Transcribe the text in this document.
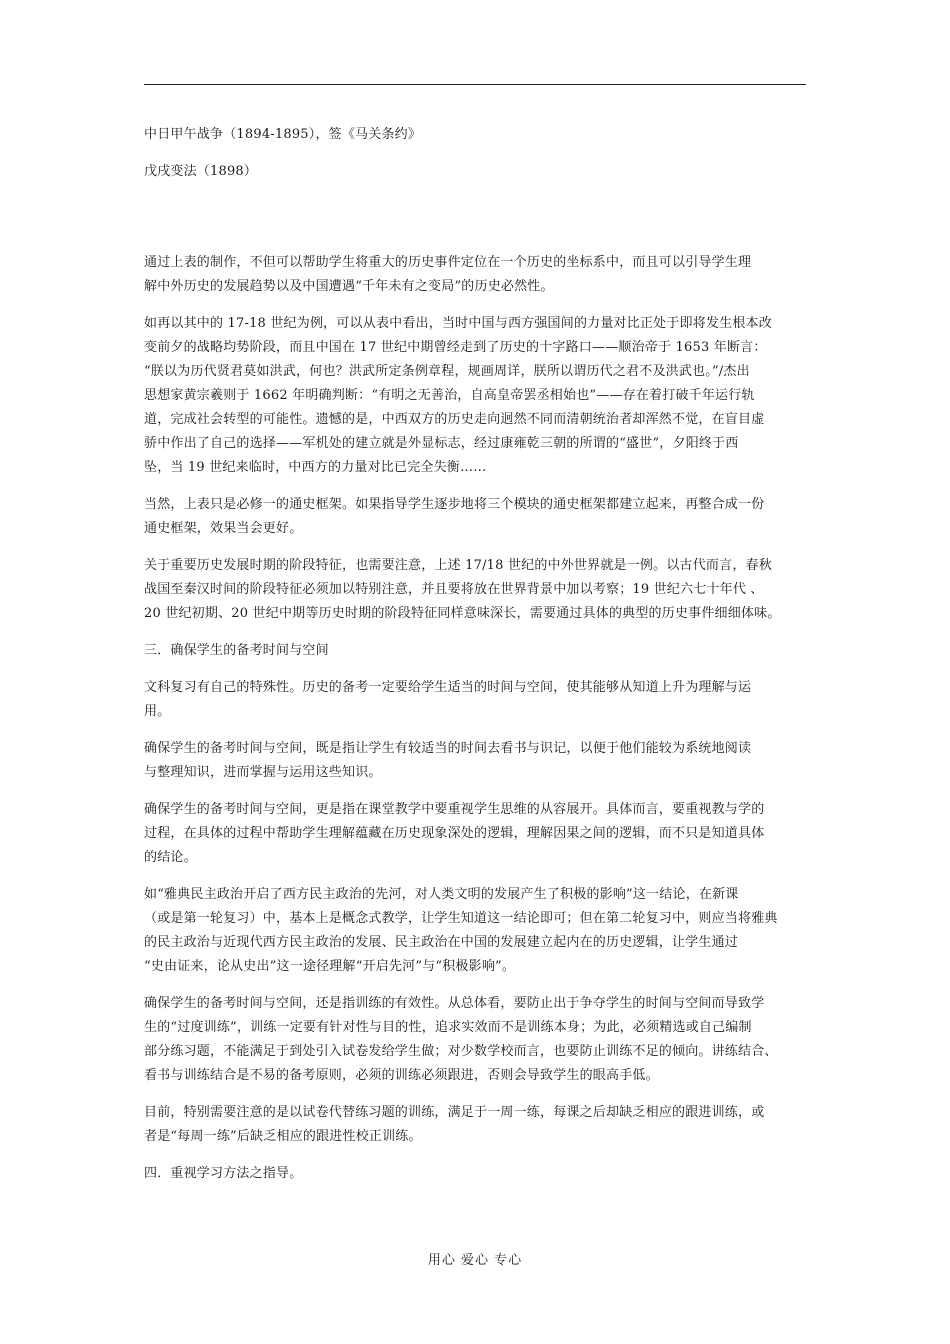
中日甲午战争（1894-1895），签《马关条约》
戊戌变法（1898）
通过上表的制作，不但可以帮助学生将重大的历史事件定位在一个历史的坐标系中，而且可以引导学生理
解中外历史的发展趋势以及中国遭遇“千年未有之变局”的历史必然性。
如再以其中的 17-18 世纪为例，可以从表中看出，当时中国与西方强国间的力量对比正处于即将发生根本改
变前夕的战略均势阶段，而且中国在 17 世纪中期曾经走到了历史的十字路口——顺治帝于 1653 年断言：
“朕以为历代贤君莫如洪武，何也？洪武所定条例章程，规画周详，朕所以谓历代之君不及洪武也。”/杰出
思想家黄宗羲则于 1662 年明确判断：“有明之无善治，自高皇帝罢丞相始也”——存在着打破千年运行轨
道，完成社会转型的可能性。遗憾的是，中西双方的历史走向迥然不同而清朝统治者却浑然不觉，在盲目虚
骄中作出了自己的选择——军机处的建立就是外显标志，经过康雍乾三朝的所谓的“盛世”，夕阳终于西
坠，当 19 世纪来临时，中西方的力量对比已完全失衡……
当然，上表只是必修一的通史框架。如果指导学生逐步地将三个模块的通史框架都建立起来，再整合成一份
通史框架，效果当会更好。
关于重要历史发展时期的阶段特征，也需要注意，上述 17/18 世纪的中外世界就是一例。以古代而言，春秋
战国至秦汉时间的阶段特征必须加以特别注意，并且要将放在世界背景中加以考察；19 世纪六七十年代 、
20 世纪初期、20 世纪中期等历史时期的阶段特征同样意味深长，需要通过具体的典型的历史事件细细体味。
三．确保学生的备考时间与空间
文科复习有自己的特殊性。历史的备考一定要给学生适当的时间与空间，使其能够从知道上升为理解与运
用。
确保学生的备考时间与空间，既是指让学生有较适当的时间去看书与识记，以便于他们能较为系统地阅读
与整理知识，进而掌握与运用这些知识。
确保学生的备考时间与空间，更是指在课堂教学中要重视学生思维的从容展开。具体而言，要重视教与学的
过程，在具体的过程中帮助学生理解蕴藏在历史现象深处的逻辑，理解因果之间的逻辑，而不只是知道具体
的结论。
如“雅典民主政治开启了西方民主政治的先河，对人类文明的发展产生了积极的影响”这一结论，在新课
（或是第一轮复习）中，基本上是概念式教学，让学生知道这一结论即可；但在第二轮复习中，则应当将雅典
的民主政治与近现代西方民主政治的发展、民主政治在中国的发展建立起内在的历史逻辑，让学生通过
“史由证来，论从史出”这一途径理解“开启先河”与“积极影响”。
确保学生的备考时间与空间，还是指训练的有效性。从总体看，要防止出于争夺学生的时间与空间而导致学
生的“过度训练”，训练一定要有针对性与目的性，追求实效而不是训练本身；为此，必须精选或自己编制
部分练习题，不能满足于到处引入试卷发给学生做；对少数学校而言，也要防止训练不足的倾向。讲练结合、
看书与训练结合是不易的备考原则，必须的训练必须跟进，否则会导致学生的眼高手低。
目前，特别需要注意的是以试卷代替练习题的训练，满足于一周一练，每课之后却缺乏相应的跟进训练，或
者是“每周一练”后缺乏相应的跟进性校正训练。
四．重视学习方法之指导。
用心 爱心 专心
